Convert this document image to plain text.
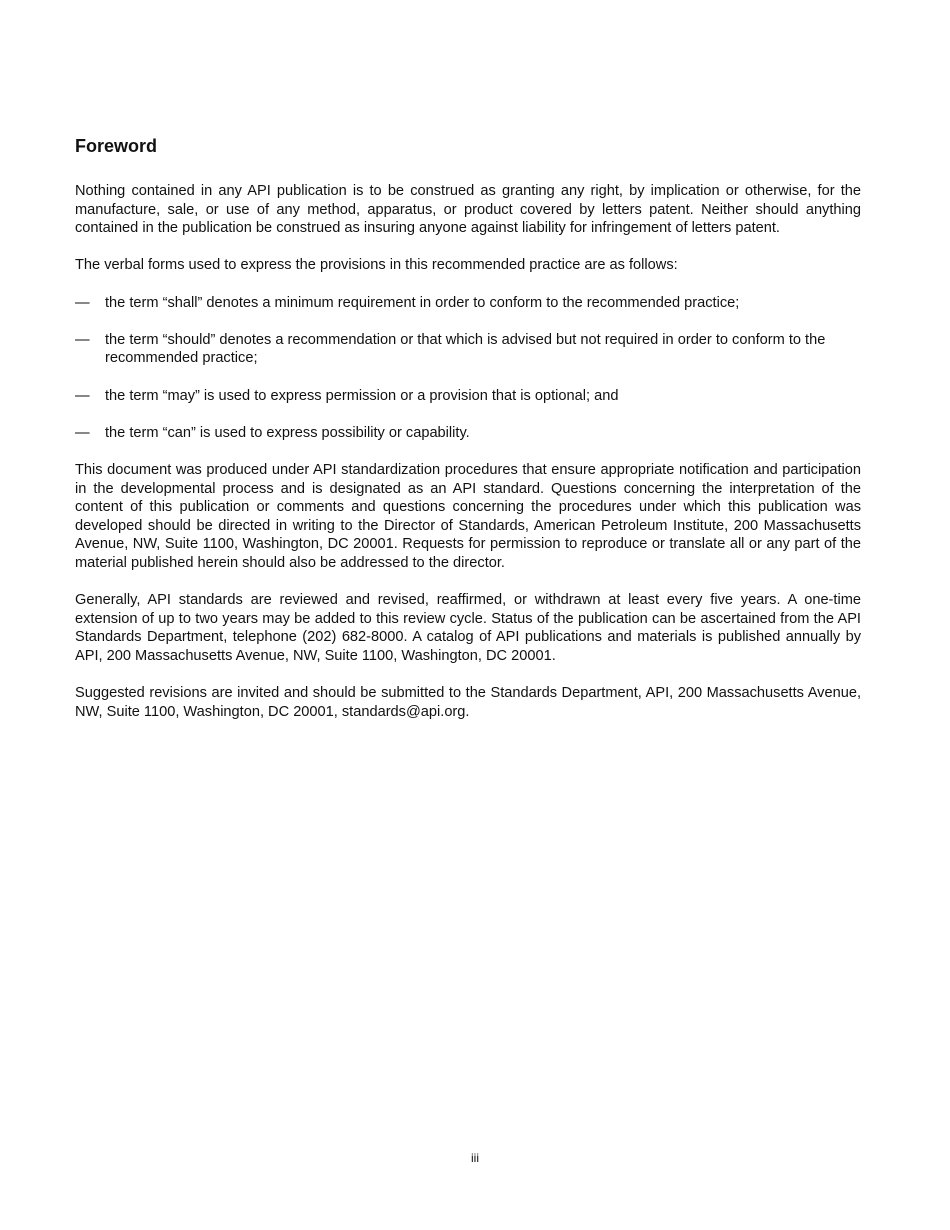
Foreword

Nothing contained in any API publication is to be construed as granting any right, by implication or otherwise, for the manufacture, sale, or use of any method, apparatus, or product covered by letters patent. Neither should anything contained in the publication be construed as insuring anyone against liability for infringement of letters patent.

The verbal forms used to express the provisions in this recommended practice are as follows:

— the term “shall” denotes a minimum requirement in order to conform to the recommended practice;
— the term “should” denotes a recommendation or that which is advised but not required in order to conform to the recommended practice;
— the term “may” is used to express permission or a provision that is optional; and
— the term “can” is used to express possibility or capability.

This document was produced under API standardization procedures that ensure appropriate notification and participation in the developmental process and is designated as an API standard. Questions concerning the interpretation of the content of this publication or comments and questions concerning the procedures under which this publication was developed should be directed in writing to the Director of Standards, American Petroleum Institute, 200 Massachusetts Avenue, NW, Suite 1100, Washington, DC 20001. Requests for permission to reproduce or translate all or any part of the material published herein should also be addressed to the director.

Generally, API standards are reviewed and revised, reaffirmed, or withdrawn at least every five years. A one-time extension of up to two years may be added to this review cycle. Status of the publication can be ascertained from the API Standards Department, telephone (202) 682-8000. A catalog of API publications and materials is published annually by API, 200 Massachusetts Avenue, NW, Suite 1100, Washington, DC 20001.

Suggested revisions are invited and should be submitted to the Standards Department, API, 200 Massachusetts Avenue, NW, Suite 1100, Washington, DC 20001, standards@api.org.

iii
